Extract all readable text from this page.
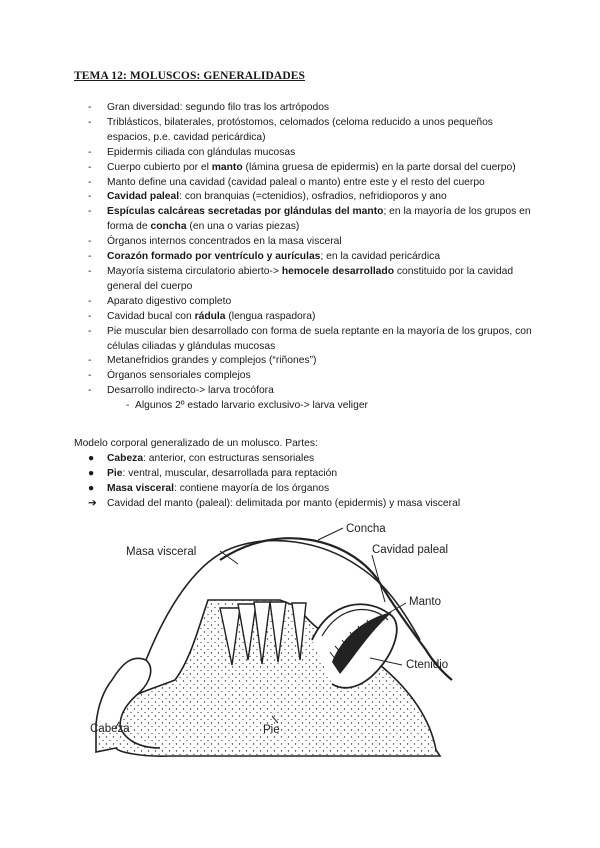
TEMA 12: MOLUSCOS: GENERALIDADES
- Gran diversidad: segundo filo tras los artrópodos
- Triblásticos, bilaterales, protóstomos, celomados (celoma reducido a unos pequeños espacios, p.e. cavidad pericárdica)
- Epidermis ciliada con glándulas mucosas
- Cuerpo cubierto por el manto (lámina gruesa de epidermis) en la parte dorsal del cuerpo)
- Manto define una cavidad (cavidad paleal o manto) entre este y el resto del cuerpo
- Cavidad paleal: con branquias (=ctenidios), osfradios, nefridioporos y ano
- Espículas calcáreas secretadas por glándulas del manto; en la mayoría de los grupos en forma de concha (en una o varias piezas)
- Órganos internos concentrados en la masa visceral
- Corazón formado por ventrículo y aurículas; en la cavidad pericárdica
- Mayoría sistema circulatorio abierto-> hemocele desarrollado constituido por la cavidad general del cuerpo
- Aparato digestivo completo
- Cavidad bucal con rádula (lengua raspadora)
- Pie muscular bien desarrollado con forma de suela reptante en la mayoría de los grupos, con células ciliadas y glándulas mucosas
- Metanefridios grandes y complejos (“riñones”)
- Órganos sensoriales complejos
- Desarrollo indirecto-> larva trocófora
- Algunos 2º estado larvario exclusivo-> larva veliger
Modelo corporal generalizado de un molusco. Partes:
● Cabeza: anterior, con estructuras sensoriales
● Pie: ventral, muscular, desarrollada para reptación
● Masa visceral: contiene mayoría de los órganos
➔ Cavidad del manto (paleal): delimitada por manto (epidermis) y masa visceral
Concha
Masa visceral	Cavidad paleal
Manto
Ctenidio
Cabeza	Pie
